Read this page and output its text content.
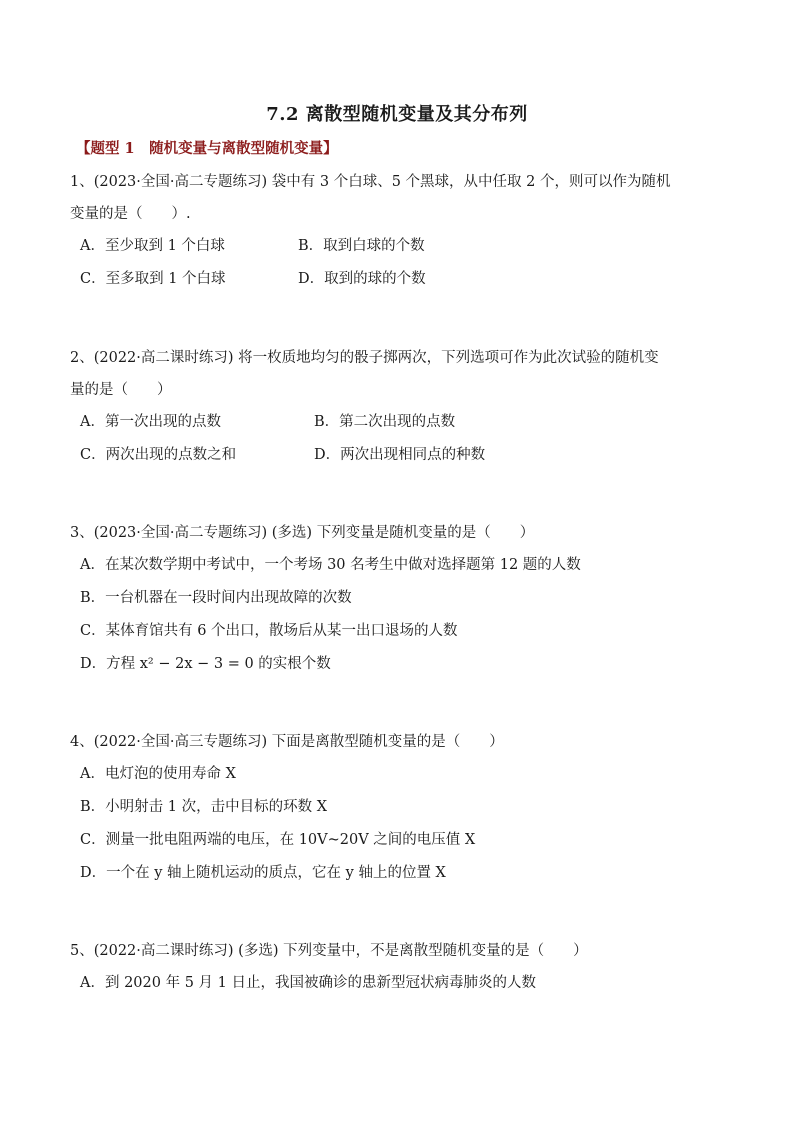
7.2 离散型随机变量及其分布列
【题型 1　随机变量与离散型随机变量】
1、(2023·全国·高二专题练习) 袋中有 3 个白球、5 个黑球，从中任取 2 个，则可以作为随机
变量的是（　　）.
A．至少取到 1 个白球	B．取到白球的个数
C．至多取到 1 个白球	D．取到的球的个数
2、(2022·高二课时练习) 将一枚质地均匀的骰子掷两次，下列选项可作为此次试验的随机变
量的是（　　）
A．第一次出现的点数	B．第二次出现的点数
C．两次出现的点数之和	D．两次出现相同点的种数
3、(2023·全国·高二专题练习) (多选) 下列变量是随机变量的是（　　）
A．在某次数学期中考试中，一个考场 30 名考生中做对选择题第 12 题的人数
B．一台机器在一段时间内出现故障的次数
C．某体育馆共有 6 个出口，散场后从某一出口退场的人数
D．方程 x² − 2x − 3 = 0 的实根个数
4、(2022·全国·高三专题练习) 下面是离散型随机变量的是（　　）
A．电灯泡的使用寿命 X
B．小明射击 1 次，击中目标的环数 X
C．测量一批电阻两端的电压，在 10V~20V 之间的电压值 X
D．一个在 y 轴上随机运动的质点，它在 y 轴上的位置 X
5、(2022·高二课时练习) (多选) 下列变量中，不是离散型随机变量的是（　　）
A．到 2020 年 5 月 1 日止，我国被确诊的患新型冠状病毒肺炎的人数
